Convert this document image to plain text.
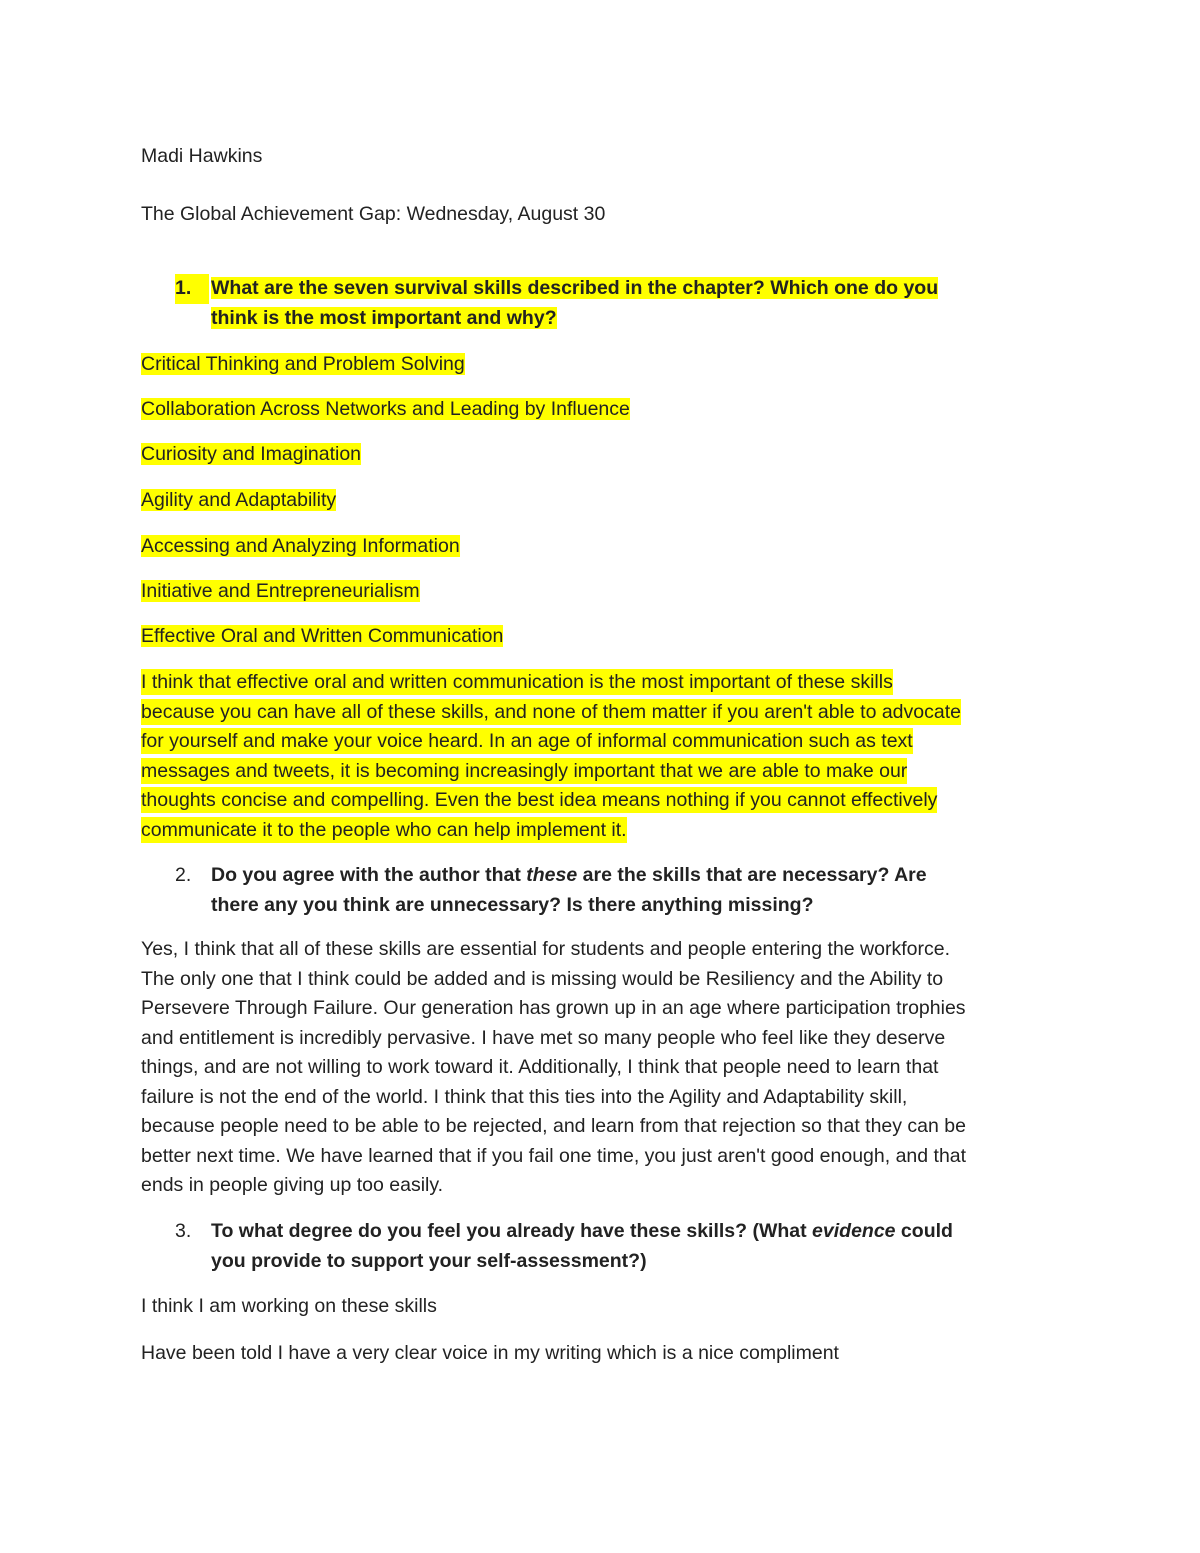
Madi Hawkins
The Global Achievement Gap: Wednesday, August 30
1.	What are the seven survival skills described in the chapter? Which one do you
think is the most important and why?
Critical Thinking and Problem Solving
Collaboration Across Networks and Leading by Influence
Curiosity and Imagination
Agility and Adaptability
Accessing and Analyzing Information
Initiative and Entrepreneurialism
Effective Oral and Written Communication
I think that effective oral and written communication is the most important of these skills
because you can have all of these skills, and none of them matter if you aren't able to advocate
for yourself and make your voice heard. In an age of informal communication such as text
messages and tweets, it is becoming increasingly important that we are able to make our
thoughts concise and compelling. Even the best idea means nothing if you cannot effectively
communicate it to the people who can help implement it.
2.	Do you agree with the author that these are the skills that are necessary? Are
there any you think are unnecessary? Is there anything missing?
Yes, I think that all of these skills are essential for students and people entering the workforce.
The only one that I think could be added and is missing would be Resiliency and the Ability to
Persevere Through Failure. Our generation has grown up in an age where participation trophies
and entitlement is incredibly pervasive. I have met so many people who feel like they deserve
things, and are not willing to work toward it. Additionally, I think that people need to learn that
failure is not the end of the world. I think that this ties into the Agility and Adaptability skill,
because people need to be able to be rejected, and learn from that rejection so that they can be
better next time. We have learned that if you fail one time, you just aren't good enough, and that
ends in people giving up too easily.
3.	To what degree do you feel you already have these skills? (What evidence could
you provide to support your self-assessment?)
I think I am working on these skills
Have been told I have a very clear voice in my writing which is a nice compliment
